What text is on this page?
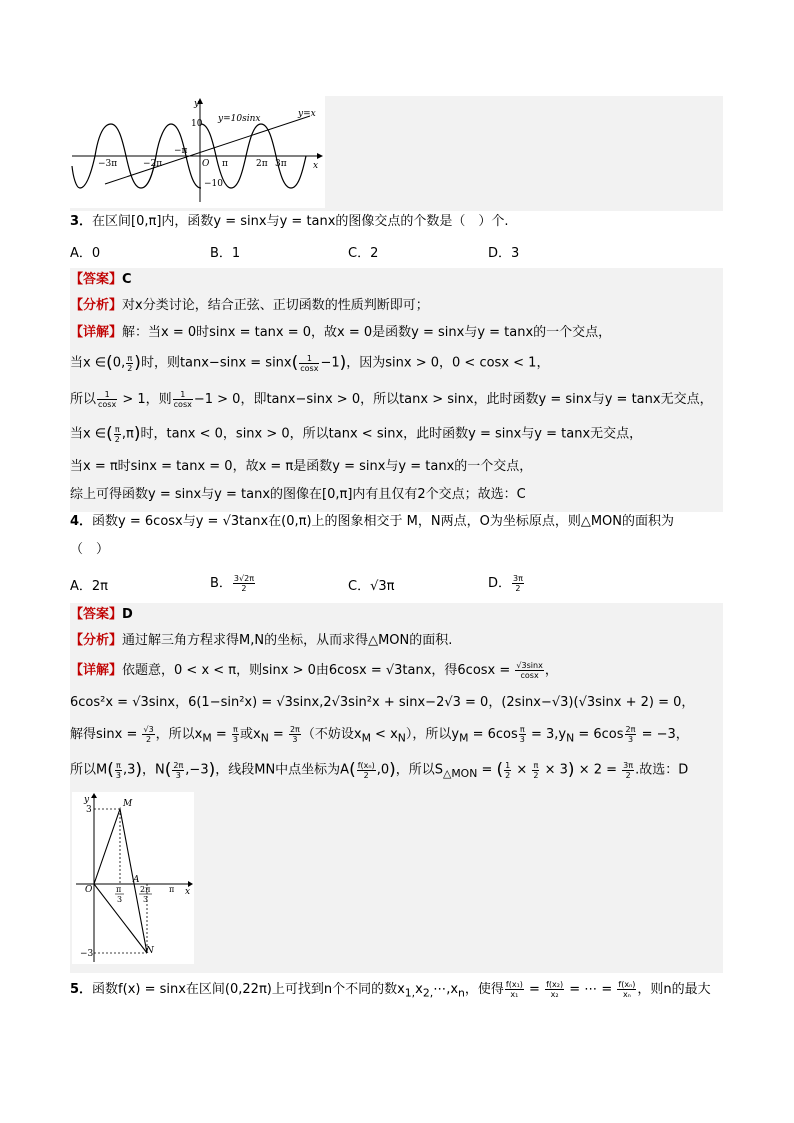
y
x
O
10
−10
y=10sinx	y=x
−3π	−2π
−π
π	2π 3π
3．在区间[0,π]内，函数y = sinx与y = tanx的图像交点的个数是（　）个.
A．0	B．1	C．2	D．3
【答案】C
【分析】对x分类讨论，结合正弦、正切函数的性质判断即可；
【详解】解：当x = 0时sinx = tanx = 0，故x = 0是函数y = sinx与y = tanx的一个交点，
当x ∈(0, $\frac{\pi}{2}$ )时，则$\tan x-\sin x = \sin x( \frac{1}{\cos x} -1)$，因为sinx > 0，0 < cosx < 1，
所以 $\frac{1}{\cos x} > 1$，则 $\frac{1}{\cos x} -1 > 0$，即tanx−sinx > 0，所以tanx > sinx，此时函数y = sinx与y = tanx无交点，
当x ∈( $\frac{\pi}{2} ,\pi$)时，tanx < 0，sinx > 0，所以tanx < sinx，此时函数y = sinx与y = tanx无交点，
当x = π时sinx = tanx = 0，故x = π是函数y = sinx与y = tanx的一个交点，
综上可得函数y = sinx与y = tanx的图像在[0,π]内有且仅有2个交点；故选：C
4．函数y = 6cosx与y = √3tanx在(0,π)上的图象相交于 M，N两点，O为坐标原点，则△MON的面积为
（　）
A．2π	B． $\frac{3√2\pi}{2}$	C．√3π	D． $\frac{3\pi}{2}$
【答案】D
【分析】通过解三角方程求得M,N的坐标，从而求得△MON的面积.
【详解】依题意，0 < x < π，则sinx > 0由6cosx = √3tanx，得$6\cos x = \frac{√3\sin x}{\cos x}$ ，
6cos²x = √3sinx，6(1−sin²x) = √3sinx,2√3sin²x + sinx−2√3 = 0，(2sinx−√3)(√3sinx + 2) = 0，
解得$\sin x = \frac{√3}{2}$ ，所以$x_M = \frac{\pi}{3}$ 或$x_N = \frac{2\pi}{3}$ （不妨设$x_M < x_N$），所以$y_M = 6\cos \frac{\pi}{3} = 3,y_N = 6\cos \frac{2\pi}{3} = -3$，
所以$M( \frac{\pi}{3} ,3)$，$N( \frac{2\pi}{3} ,-3)$，线段MN中点坐标为$A( \frac{\text{f(xₙ)}}{2} ,0)$，所以$S_{\triangle MON}$ = ( $\frac{1}{2} \times \frac{\pi}{2} \times 3) \times 2 = \frac{3\pi}{2}$ .故选：D
y
x
O
3
−3
M
N
A
π
3
2π
3
π
5．函数f(x) = sinx在区间(0,22π)上可找到n个不同的数$x_{1,}x_{2,}\cdots,x_n$，使得 $\frac{\text{f(x₁)}}{\text{x₁}} = \frac{\text{f(x₂)}}{\text{x₂}}$ = ⋯ = $\frac{\text{f(xₙ)}}{\text{xₙ}}$ ，则n的最大
